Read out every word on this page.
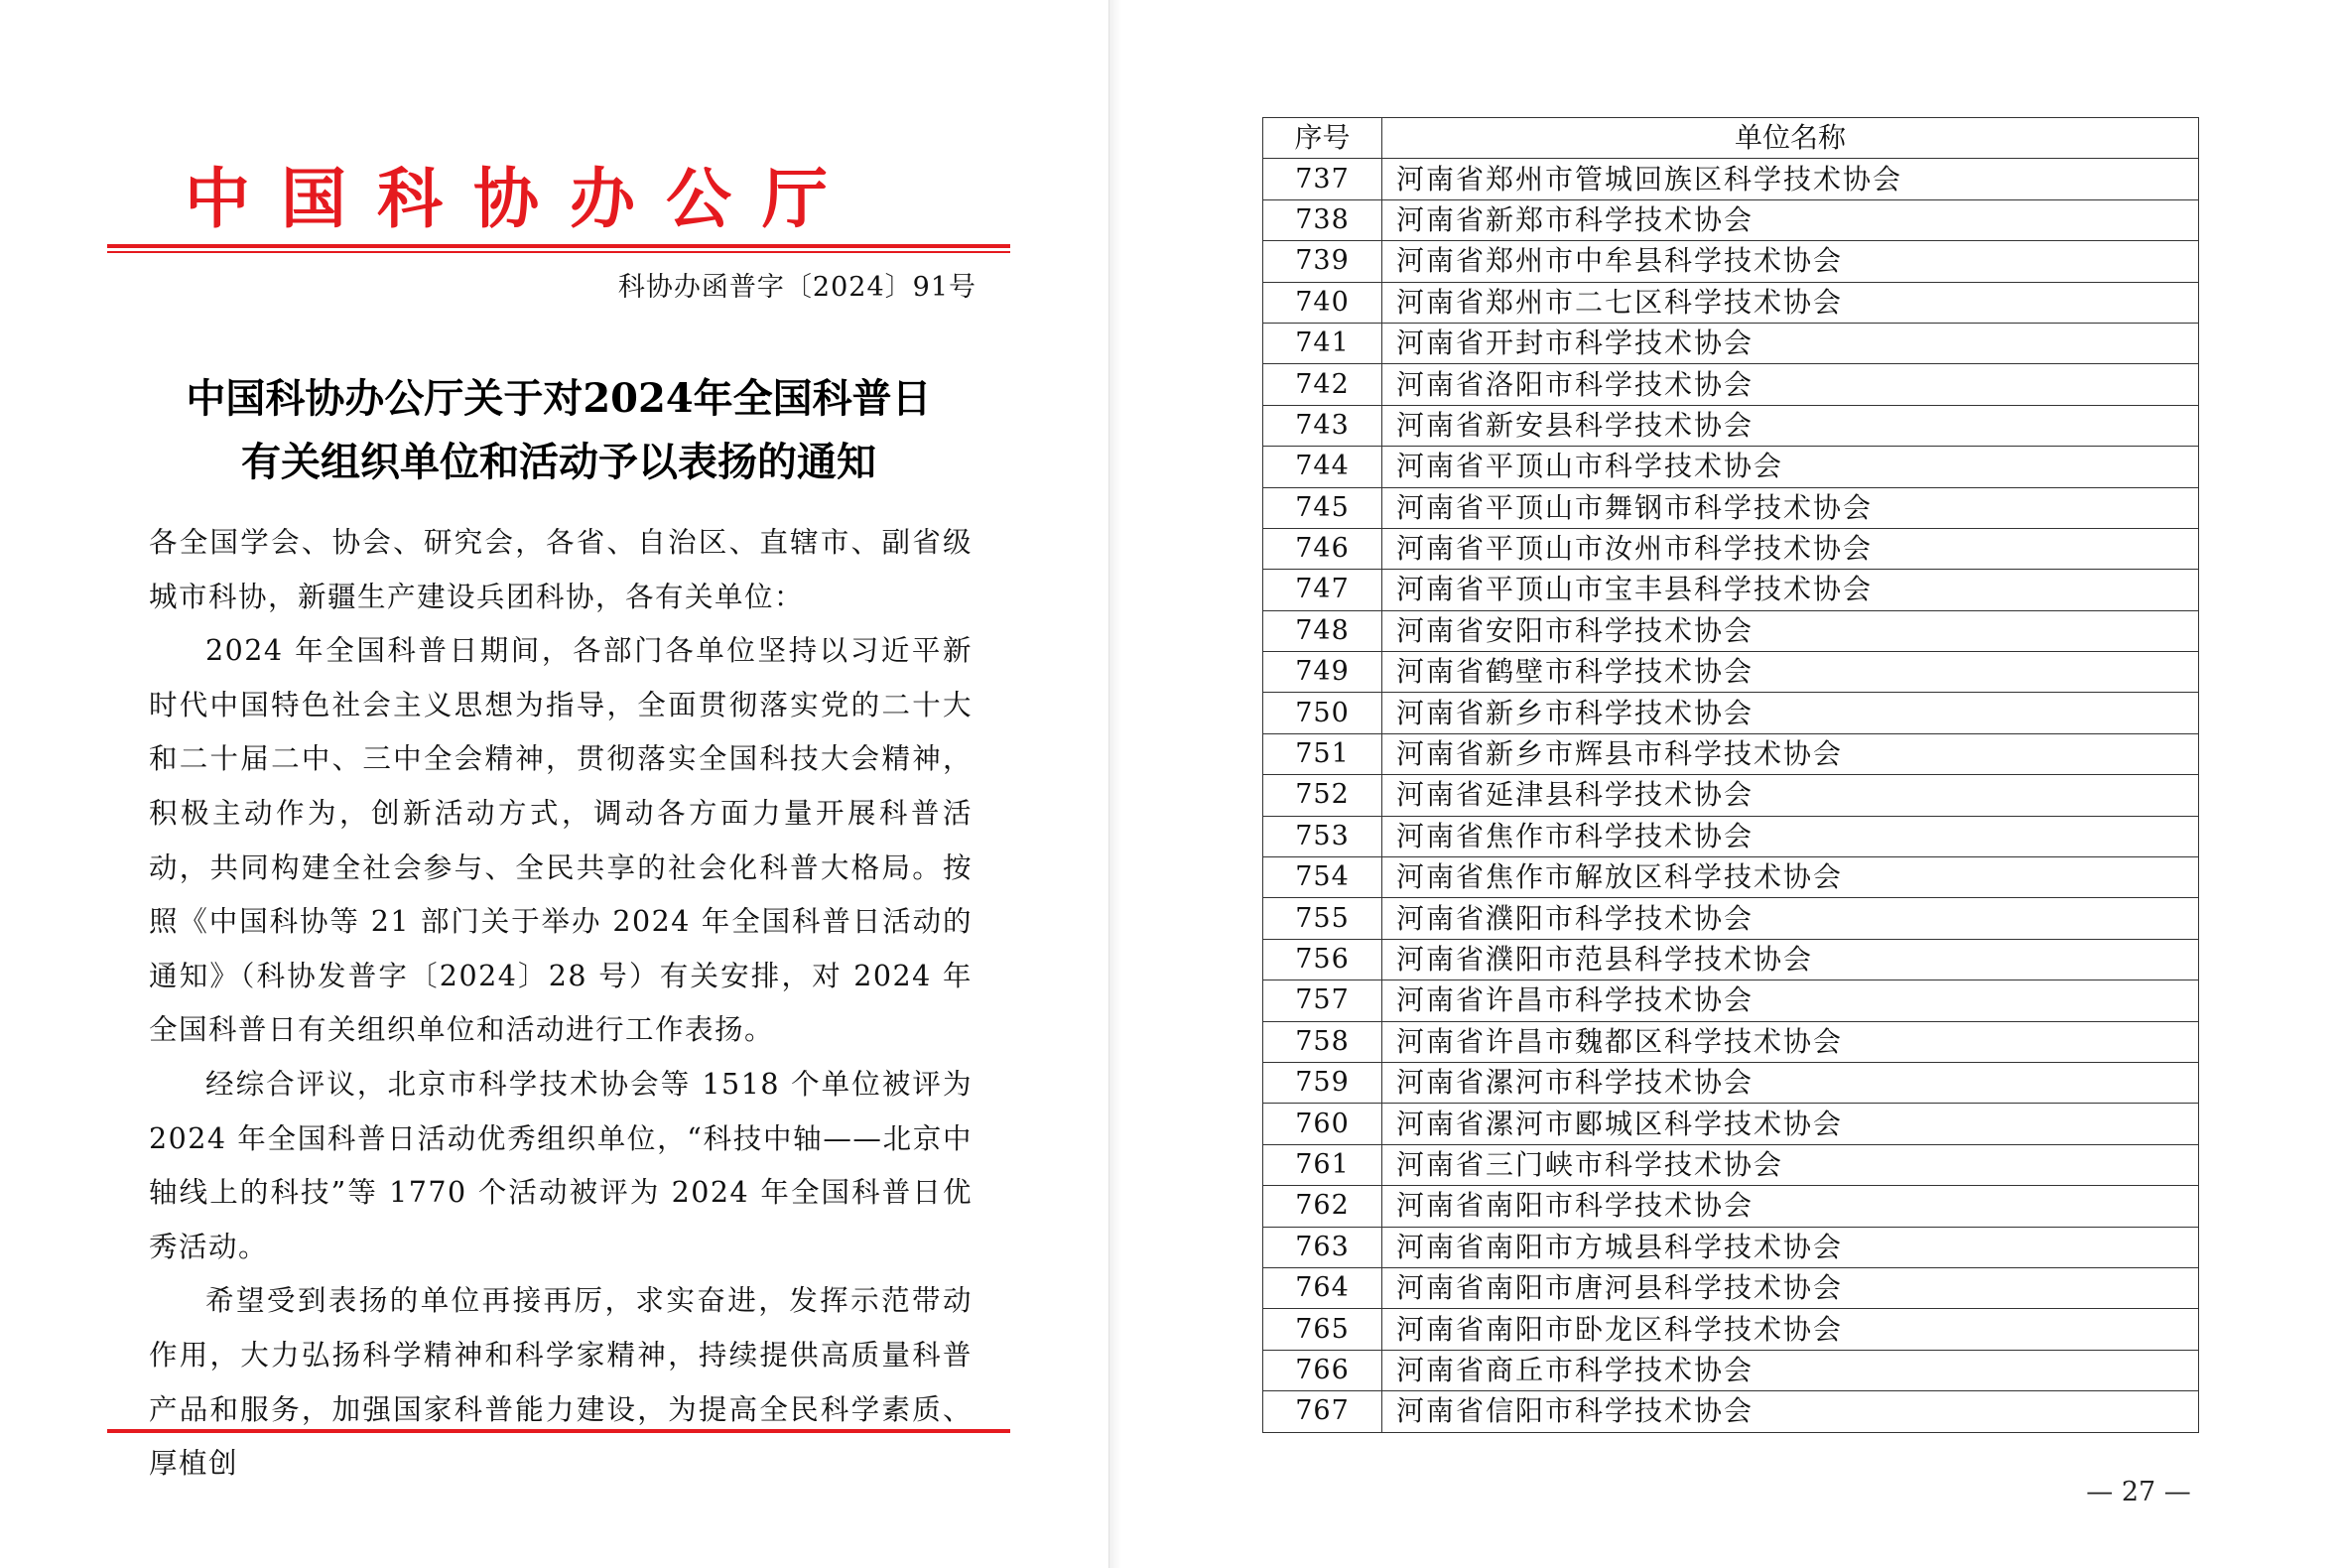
中国科协办公厅
科协办函普字〔2024〕91号
中国科协办公厅关于对2024年全国科普日
有关组织单位和活动予以表扬的通知

各全国学会、协会、研究会，各省、自治区、直辖市、副省级城市科协，新疆生产建设兵团科协，各有关单位：

2024 年全国科普日期间，各部门各单位坚持以习近平新时代中国特色社会主义思想为指导，全面贯彻落实党的二十大和二十届二中、三中全会精神，贯彻落实全国科技大会精神，积极主动作为，创新活动方式，调动各方面力量开展科普活动，共同构建全社会参与、全民共享的社会化科普大格局。按照《中国科协等 21 部门关于举办 2024 年全国科普日活动的通知》（科协发普字〔2024〕28 号）有关安排，对 2024 年全国科普日有关组织单位和活动进行工作表扬。

经综合评议，北京市科学技术协会等 1518 个单位被评为 2024 年全国科普日活动优秀组织单位，“科技中轴——北京中轴线上的科技”等 1770 个活动被评为 2024 年全国科普日优秀活动。

希望受到表扬的单位再接再厉，求实奋进，发挥示范带动作用，大力弘扬科学精神和科学家精神，持续提供高质量科普产品和服务，加强国家科普能力建设，为提高全民科学素质、厚植创

序号	单位名称
737	河南省郑州市管城回族区科学技术协会
738	河南省新郑市科学技术协会
739	河南省郑州市中牟县科学技术协会
740	河南省郑州市二七区科学技术协会
741	河南省开封市科学技术协会
742	河南省洛阳市科学技术协会
743	河南省新安县科学技术协会
744	河南省平顶山市科学技术协会
745	河南省平顶山市舞钢市科学技术协会
746	河南省平顶山市汝州市科学技术协会
747	河南省平顶山市宝丰县科学技术协会
748	河南省安阳市科学技术协会
749	河南省鹤壁市科学技术协会
750	河南省新乡市科学技术协会
751	河南省新乡市辉县市科学技术协会
752	河南省延津县科学技术协会
753	河南省焦作市科学技术协会
754	河南省焦作市解放区科学技术协会
755	河南省濮阳市科学技术协会
756	河南省濮阳市范县科学技术协会
757	河南省许昌市科学技术协会
758	河南省许昌市魏都区科学技术协会
759	河南省漯河市科学技术协会
760	河南省漯河市郾城区科学技术协会
761	河南省三门峡市科学技术协会
762	河南省南阳市科学技术协会
763	河南省南阳市方城县科学技术协会
764	河南省南阳市唐河县科学技术协会
765	河南省南阳市卧龙区科学技术协会
766	河南省商丘市科学技术协会
767	河南省信阳市科学技术协会
— 27 —
